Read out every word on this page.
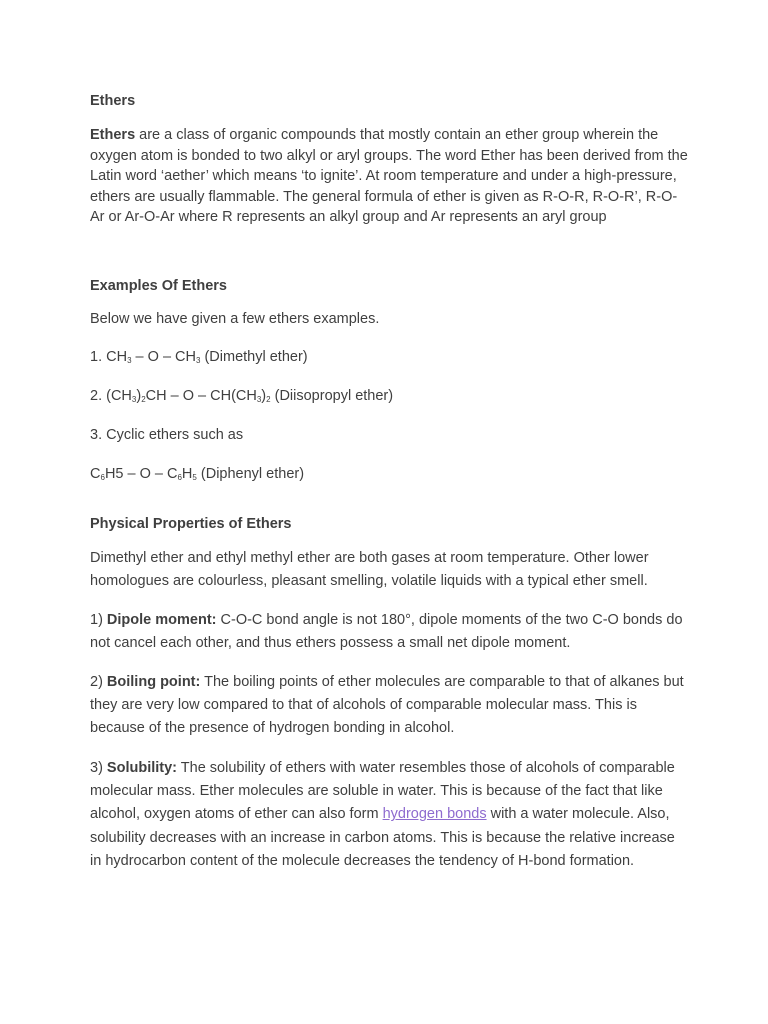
Ethers

Ethers are a class of organic compounds that mostly contain an ether group wherein the oxygen atom is bonded to two alkyl or aryl groups. The word Ether has been derived from the Latin word ‘aether’ which means ‘to ignite’. At room temperature and under a high-pressure, ethers are usually flammable. The general formula of ether is given as R-O-R, R-O-R’, R-O-Ar or Ar-O-Ar where R represents an alkyl group and Ar represents an aryl group

Examples Of Ethers

Below we have given a few ethers examples.

1. $CH_3$ – O – $CH_3$ (Dimethyl ether)

2. $(CH_3)_2CH$ – O – $CH(CH_3)_2$ (Diisopropyl ether)

3. Cyclic ethers such as

$C_6H5$ – O – $C_6H_5$ (Diphenyl ether)

Physical Properties of Ethers

Dimethyl ether and ethyl methyl ether are both gases at room temperature. Other lower homologues are colourless, pleasant smelling, volatile liquids with a typical ether smell.

1) Dipole moment: C-O-C bond angle is not 180°, dipole moments of the two C-O bonds do not cancel each other, and thus ethers possess a small net dipole moment.

2) Boiling point: The boiling points of ether molecules are comparable to that of alkanes but they are very low compared to that of alcohols of comparable molecular mass. This is because of the presence of hydrogen bonding in alcohol.

3) Solubility: The solubility of ethers with water resembles those of alcohols of comparable molecular mass. Ether molecules are soluble in water. This is because of the fact that like alcohol, oxygen atoms of ether can also form hydrogen bonds with a water molecule. Also, solubility decreases with an increase in carbon atoms. This is because the relative increase in hydrocarbon content of the molecule decreases the tendency of H-bond formation.
